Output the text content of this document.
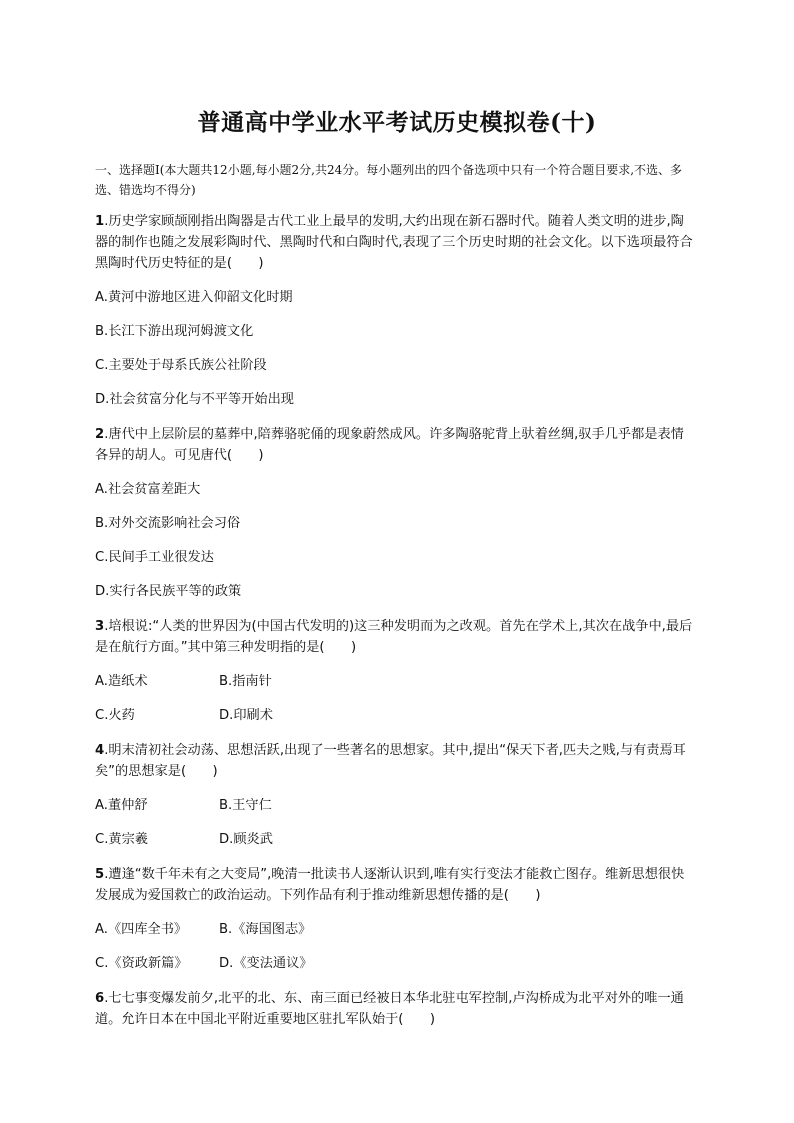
普通高中学业水平考试历史模拟卷(十)
一、选择题Ⅰ(本大题共12小题,每小题2分,共24分。每小题列出的四个备选项中只有一个符合题目要求,不选、多选、错选均不得分)
1.历史学家顾颉刚指出陶器是古代工业上最早的发明,大约出现在新石器时代。随着人类文明的进步,陶器的制作也随之发展彩陶时代、黑陶时代和白陶时代,表现了三个历史时期的社会文化。以下选项最符合黑陶时代历史特征的是(　　)
A.黄河中游地区进入仰韶文化时期
B.长江下游出现河姆渡文化
C.主要处于母系氏族公社阶段
D.社会贫富分化与不平等开始出现
2.唐代中上层阶层的墓葬中,陪葬骆驼俑的现象蔚然成风。许多陶骆驼背上驮着丝绸,驭手几乎都是表情各异的胡人。可见唐代(　　)
A.社会贫富差距大
B.对外交流影响社会习俗
C.民间手工业很发达
D.实行各民族平等的政策
3.培根说:“人类的世界因为(中国古代发明的)这三种发明而为之改观。首先在学术上,其次在战争中,最后是在航行方面。”其中第三种发明指的是(　　)
A.造纸术	B.指南针
C.火药	D.印刷术
4.明末清初社会动荡、思想活跃,出现了一些著名的思想家。其中,提出“保天下者,匹夫之贱,与有责焉耳矣”的思想家是(　　)
A.董仲舒	B.王守仁
C.黄宗羲	D.顾炎武
5.遭逢“数千年未有之大变局”,晚清一批读书人逐渐认识到,唯有实行变法才能救亡图存。维新思想很快发展成为爱国救亡的政治运动。下列作品有利于推动维新思想传播的是(　　)
A.《四库全书》 B.《海国图志》
C.《资政新篇》 D.《变法通议》
6.七七事变爆发前夕,北平的北、东、南三面已经被日本华北驻屯军控制,卢沟桥成为北平对外的唯一通道。允许日本在中国北平附近重要地区驻扎军队始于(　　)
